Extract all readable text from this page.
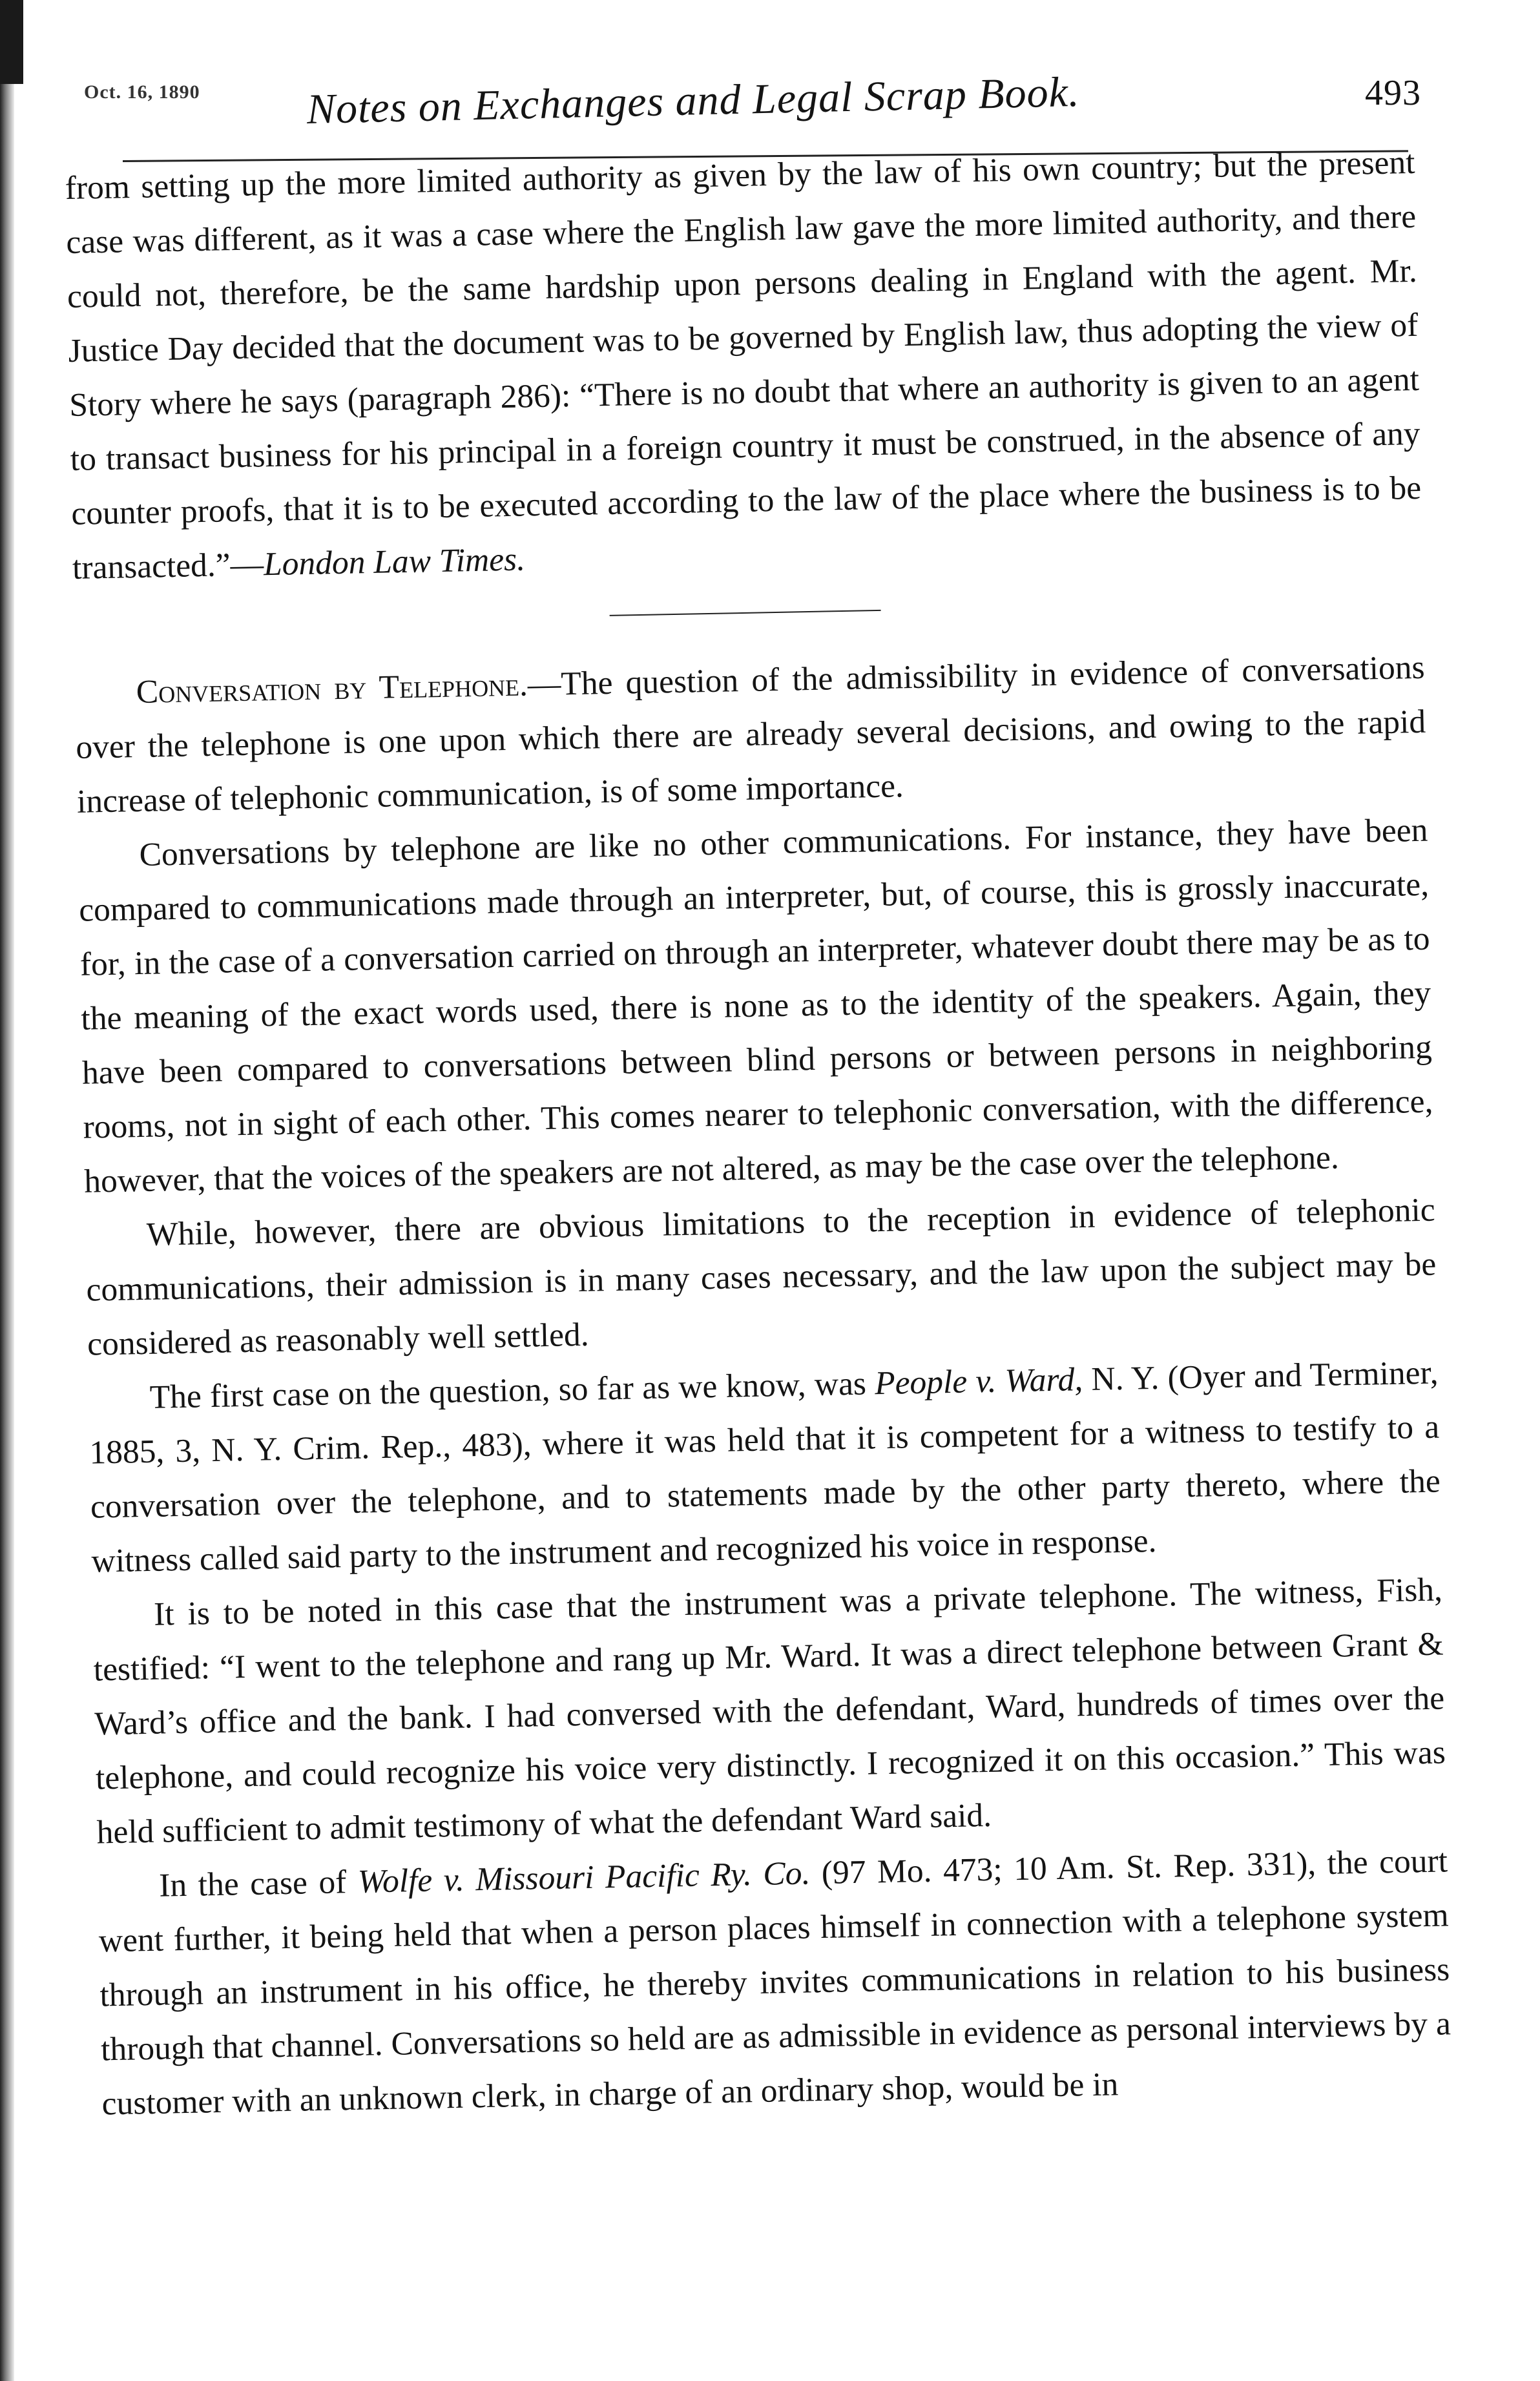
Oct. 16, 1890 Notes on Exchanges and Legal Scrap Book.	493

from setting up the more limited authority as given by the law of his own country; but the present case was different, as it was a case where the English law gave the more limited authority, and there could not, therefore, be the same hardship upon persons dealing in England with the agent. Mr. Justice Day decided that the document was to be governed by English law, thus adopting the view of Story where he says (paragraph 286): “There is no doubt that where an authority is given to an agent to transact business for his principal in a foreign country it must be construed, in the absence of any counter proofs, that it is to be executed according to the law of the place where the business is to be transacted.”—London Law Times.

Conversation by Telephone.—The question of the admissibility in evidence of conversations over the telephone is one upon which there are already several decisions, and owing to the rapid increase of telephonic communication, is of some importance.

Conversations by telephone are like no other communications. For instance, they have been compared to communications made through an interpreter, but, of course, this is grossly inaccurate, for, in the case of a conversation carried on through an interpreter, whatever doubt there may be as to the meaning of the exact words used, there is none as to the identity of the speakers. Again, they have been compared to conversations between blind persons or between persons in neighboring rooms, not in sight of each other. This comes nearer to telephonic conversation, with the difference, however, that the voices of the speakers are not altered, as may be the case over the telephone.

While, however, there are obvious limitations to the reception in evidence of telephonic communications, their admission is in many cases necessary, and the law upon the subject may be considered as reasonably well settled.

The first case on the question, so far as we know, was People v. Ward, N. Y. (Oyer and Terminer, 1885, 3, N. Y. Crim. Rep., 483), where it was held that it is competent for a witness to testify to a conversation over the telephone, and to statements made by the other party thereto, where the witness called said party to the instrument and recognized his voice in response.

It is to be noted in this case that the instrument was a private telephone. The witness, Fish, testified: “I went to the telephone and rang up Mr. Ward. It was a direct telephone between Grant & Ward’s office and the bank. I had conversed with the defendant, Ward, hundreds of times over the telephone, and could recognize his voice very distinctly. I recognized it on this occasion.” This was held sufficient to admit testimony of what the defendant Ward said.

In the case of Wolfe v. Missouri Pacific Ry. Co. (97 Mo. 473; 10 Am. St. Rep. 331), the court went further, it being held that when a person places himself in connection with a telephone system through an instrument in his office, he thereby invites communications in relation to his business through that channel. Conversations so held are as admissible in evidence as personal interviews by a customer with an unknown clerk, in charge of an ordinary shop, would be in
